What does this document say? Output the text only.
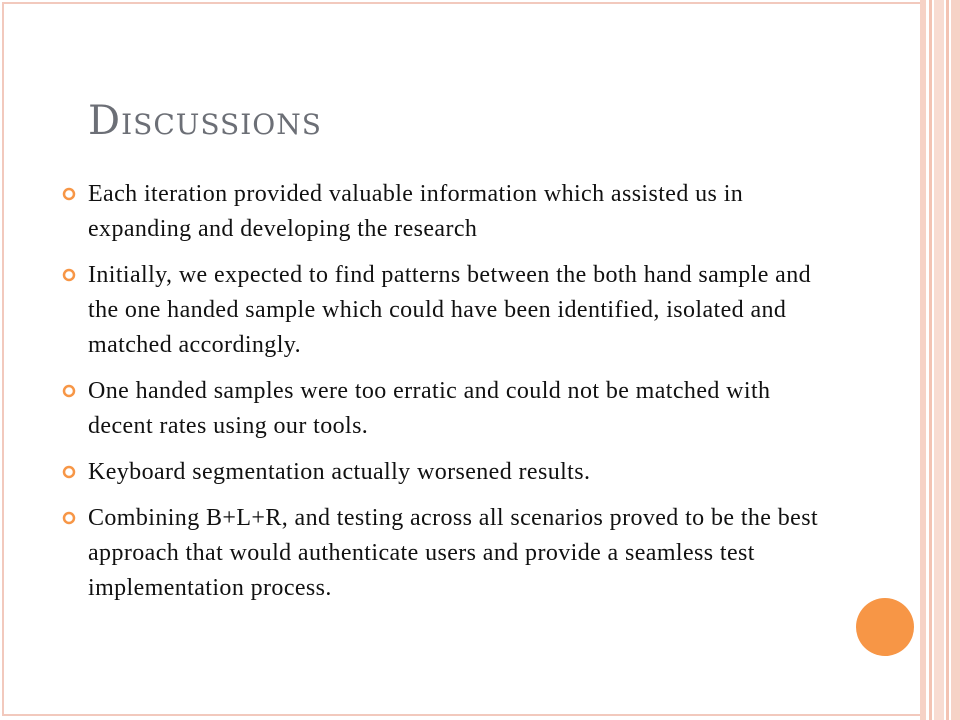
Discussions
Each iteration provided valuable information which assisted us in expanding and developing the research
Initially, we expected to find patterns between the both hand sample and the one handed sample which could have been identified, isolated and matched accordingly.
One handed samples were too erratic and could not be matched with decent rates using our tools.
Keyboard segmentation actually worsened results.
Combining B+L+R, and testing across all scenarios proved to be the best approach that would authenticate users and provide a seamless test implementation process.
